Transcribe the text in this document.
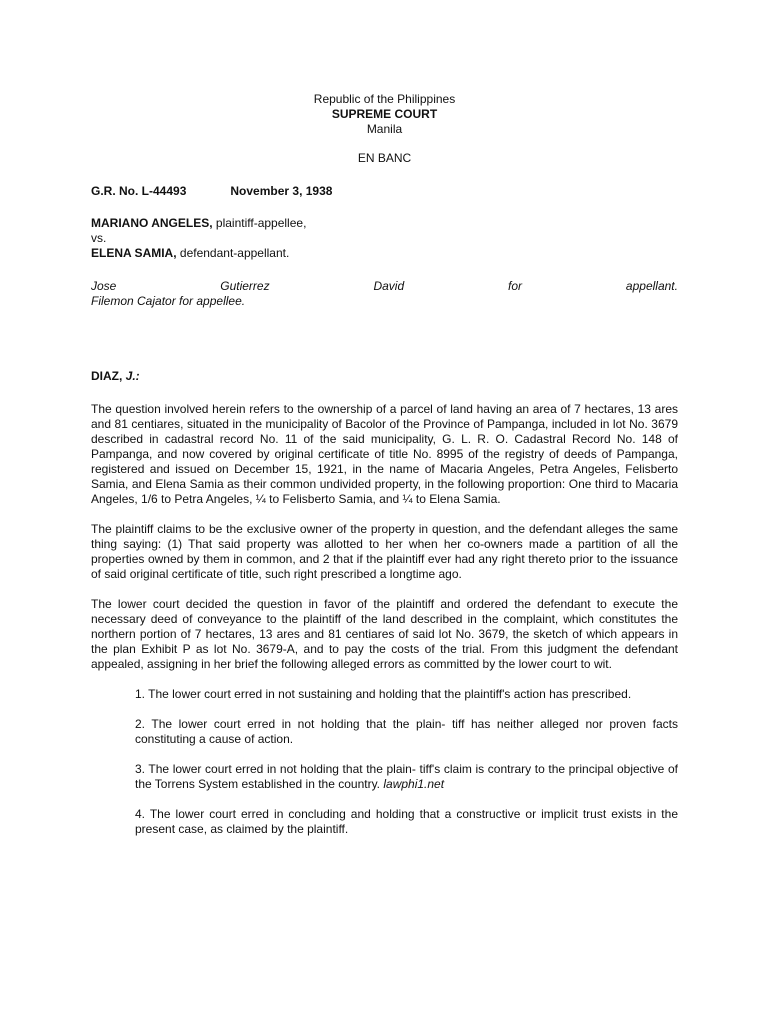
Republic of the Philippines
SUPREME COURT
Manila
EN BANC
G.R. No. L-44493	November 3, 1938
MARIANO ANGELES, plaintiff-appellee,
vs.
ELENA SAMIA, defendant-appellant.
Jose	Gutierrez	David	for	appellant.
Filemon Cajator for appellee.
DIAZ, J.:

The question involved herein refers to the ownership of a parcel of land having an area of 7 hectares, 13 ares and 81 centiares, situated in the municipality of Bacolor of the Province of Pampanga, included in lot No. 3679 described in cadastral record No. 11 of the said municipality, G. L. R. O. Cadastral Record No. 148 of Pampanga, and now covered by original certificate of title No. 8995 of the registry of deeds of Pampanga, registered and issued on December 15, 1921, in the name of Macaria Angeles, Petra Angeles, Felisberto Samia, and Elena Samia as their common undivided property, in the following proportion: One third to Macaria Angeles, 1/6 to Petra Angeles, ¼ to Felisberto Samia, and ¼ to Elena Samia.

The plaintiff claims to be the exclusive owner of the property in question, and the defendant alleges the same thing saying: (1) That said property was allotted to her when her co-owners made a partition of all the properties owned by them in common, and 2 that if the plaintiff ever had any right thereto prior to the issuance of said original certificate of title, such right prescribed a longtime ago.

The lower court decided the question in favor of the plaintiff and ordered the defendant to execute the necessary deed of conveyance to the plaintiff of the land described in the complaint, which constitutes the northern portion of 7 hectares, 13 ares and 81 centiares of said lot No. 3679, the sketch of which appears in the plan Exhibit P as lot No. 3679-A, and to pay the costs of the trial. From this judgment the defendant appealed, assigning in her brief the following alleged errors as committed by the lower court to wit.

1. The lower court erred in not sustaining and holding that the plaintiff's action has prescribed.

2. The lower court erred in not holding that the plain- tiff has neither alleged nor proven facts constituting a cause of action.

3. The lower court erred in not holding that the plain- tiff's claim is contrary to the principal objective of the Torrens System established in the country. lawphi1.net

4. The lower court erred in concluding and holding that a constructive or implicit trust exists in the present case, as claimed by the plaintiff.
